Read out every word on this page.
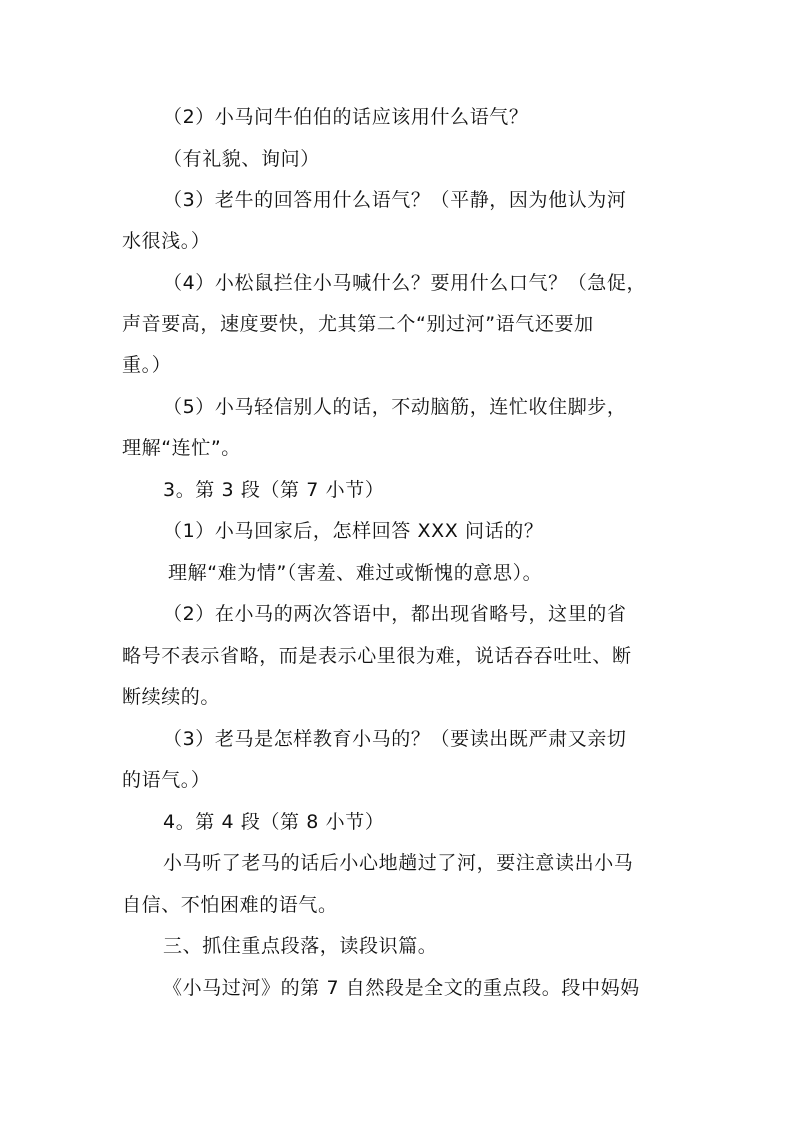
（2）小马问牛伯伯的话应该用什么语气？
（有礼貌、询问）
（3）老牛的回答用什么语气？（平静，因为他认为河
水很浅。）
（4）小松鼠拦住小马喊什么？要用什么口气？（急促，
声音要高，速度要快，尤其第二个“别过河”语气还要加
重。）
（5）小马轻信别人的话，不动脑筋，连忙收住脚步，
理解“连忙”。
3。第 3 段（第 7 小节）
（1）小马回家后，怎样回答 XXX 问话的？
理解“难为情”（害羞、难过或惭愧的意思）。
（2）在小马的两次答语中，都出现省略号，这里的省
略号不表示省略，而是表示心里很为难，说话吞吞吐吐、断
断续续的。
（3）老马是怎样教育小马的？（要读出既严肃又亲切
的语气。）
4。第 4 段（第 8 小节）
小马听了老马的话后小心地趟过了河，要注意读出小马
自信、不怕困难的语气。
三、抓住重点段落，读段识篇。
《小马过河》的第 7 自然段是全文的重点段。段中妈妈
